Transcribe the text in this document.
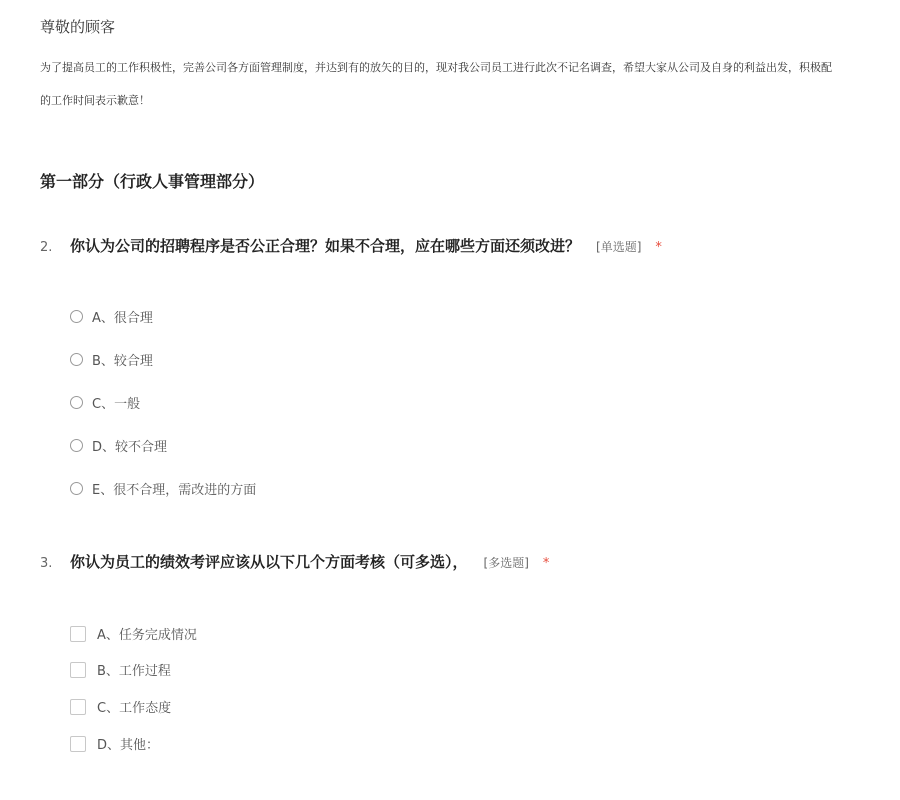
尊敬的顾客
为了提高员工的工作积极性，完善公司各方面管理制度，并达到有的放矢的目的，现对我公司员工进行此次不记名调查，希望大家从公司及自身的利益出发，积极配
的工作时间表示歉意！
第一部分（行政人事管理部分）
2.	你认为公司的招聘程序是否公正合理？如果不合理，应在哪些方面还须改进？ [单选题] *
A、很合理
B、较合理
C、一般
D、较不合理
E、很不合理，需改进的方面
3.	你认为员工的绩效考评应该从以下几个方面考核（可多选）， [多选题] *
A、任务完成情况
B、工作过程
C、工作态度
D、其他：
